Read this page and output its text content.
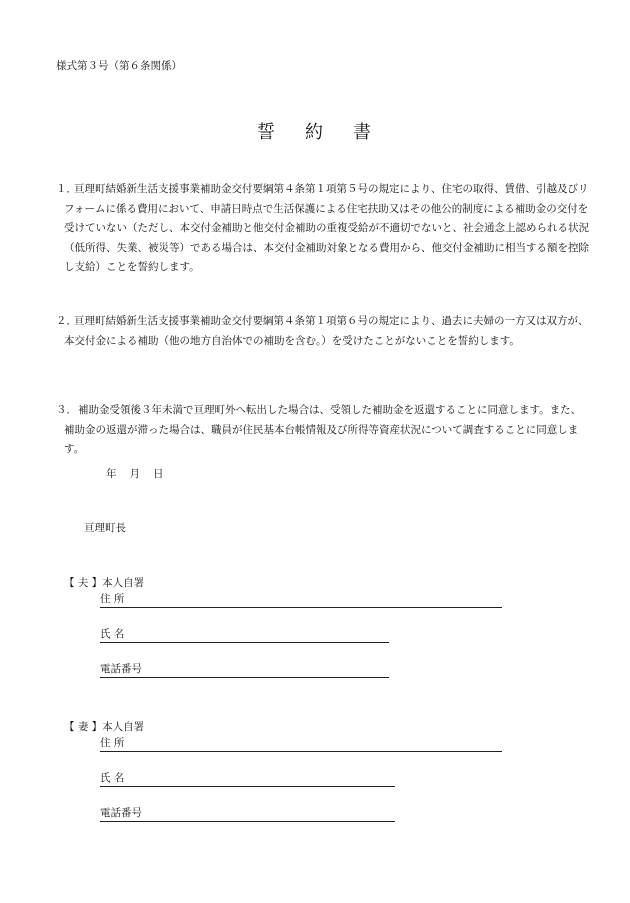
様式第３号（第６条関係）
誓 約 書
１．
亘理町結婚新生活支援事業補助金交付要綱第４条第１項第５号の規定により、住宅の取得、賃借、引越及びリフォームに係る費用において、申請日時点で生活保護による住宅扶助又はその他公的制度による補助金の交付を受けていない（ただし、本交付金補助と他交付金補助の重複受給が不適切でないと、社会通念上認められる状況（低所得、失業、被災等）である場合は、本交付金補助対象となる費用から、他交付金補助に相当する額を控除し支給）ことを誓約します。
２．
亘理町結婚新生活支援事業補助金交付要綱第４条第１項第６号の規定により、過去に夫婦の一方又は双方が、本交付金による補助（他の地方自治体での補助を含む。）を受けたことがないことを誓約します。
３． 補助金受領後３年未満で亘理町外へ転出した場合は、受領した補助金を返還することに同意します。また、補助金の返還が滞った場合は、職員が住民基本台帳情報及び所得等資産状況について調査することに同意します。
年 月 日
亘理町長
【 夫 】本人自署
住 所
氏 名
電話番号
【 妻 】本人自署
住 所
氏 名
電話番号
